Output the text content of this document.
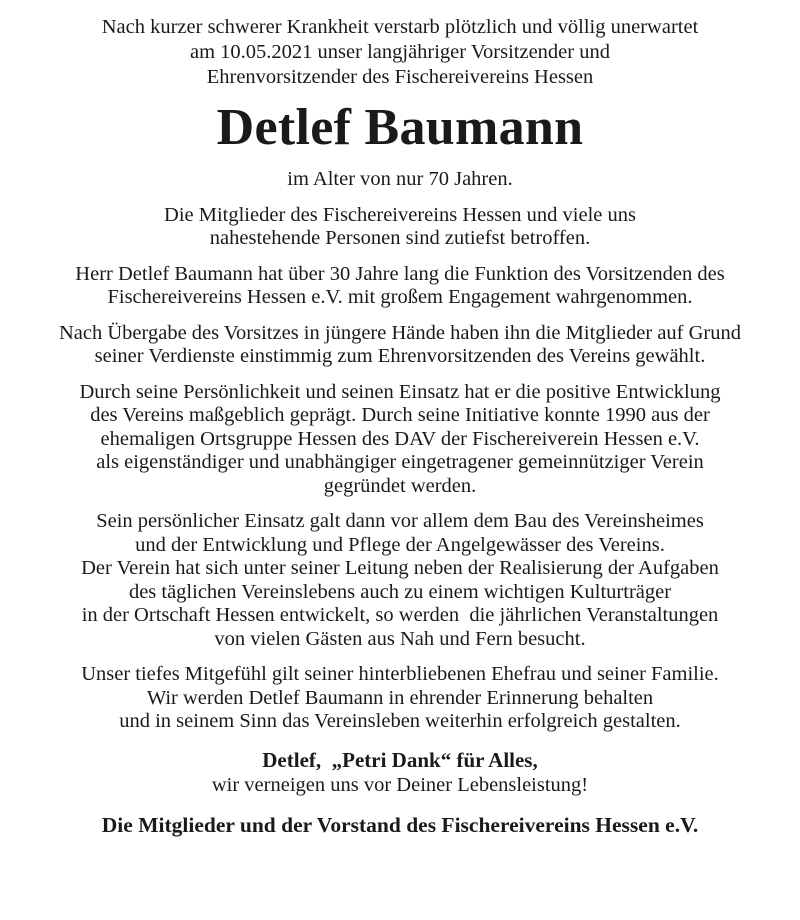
Nach kurzer schwerer Krankheit verstarb plötzlich und völlig unerwartet
am 10.05.2021 unser langjähriger Vorsitzender und
Ehrenvorsitzender des Fischereivereins Hessen
Detlef Baumann
im Alter von nur 70 Jahren.
Die Mitglieder des Fischereivereins Hessen und viele uns
nahestehende Personen sind zutiefst betroffen.
Herr Detlef Baumann hat über 30 Jahre lang die Funktion des Vorsitzenden des
Fischereivereins Hessen e.V. mit großem Engagement wahrgenommen.
Nach Übergabe des Vorsitzes in jüngere Hände haben ihn die Mitglieder auf Grund
seiner Verdienste einstimmig zum Ehrenvorsitzenden des Vereins gewählt.
Durch seine Persönlichkeit und seinen Einsatz hat er die positive Entwicklung
des Vereins maßgeblich geprägt. Durch seine Initiative konnte 1990 aus der
ehemaligen Ortsgruppe Hessen des DAV der Fischereiverein Hessen e.V.
als eigenständiger und unabhängiger eingetragener gemeinnütziger Verein
gegründet werden.
Sein persönlicher Einsatz galt dann vor allem dem Bau des Vereinsheimes
und der Entwicklung und Pflege der Angelgewässer des Vereins.
Der Verein hat sich unter seiner Leitung neben der Realisierung der Aufgaben
des täglichen Vereinslebens auch zu einem wichtigen Kulturträger
in der Ortschaft Hessen entwickelt, so werden  die jährlichen Veranstaltungen
von vielen Gästen aus Nah und Fern besucht.
Unser tiefes Mitgefühl gilt seiner hinterbliebenen Ehefrau und seiner Familie.
Wir werden Detlef Baumann in ehrender Erinnerung behalten
und in seinem Sinn das Vereinsleben weiterhin erfolgreich gestalten.
Detlef,  „Petri Dank“ für Alles,
wir verneigen uns vor Deiner Lebensleistung!
Die Mitglieder und der Vorstand des Fischereivereins Hessen e.V.
